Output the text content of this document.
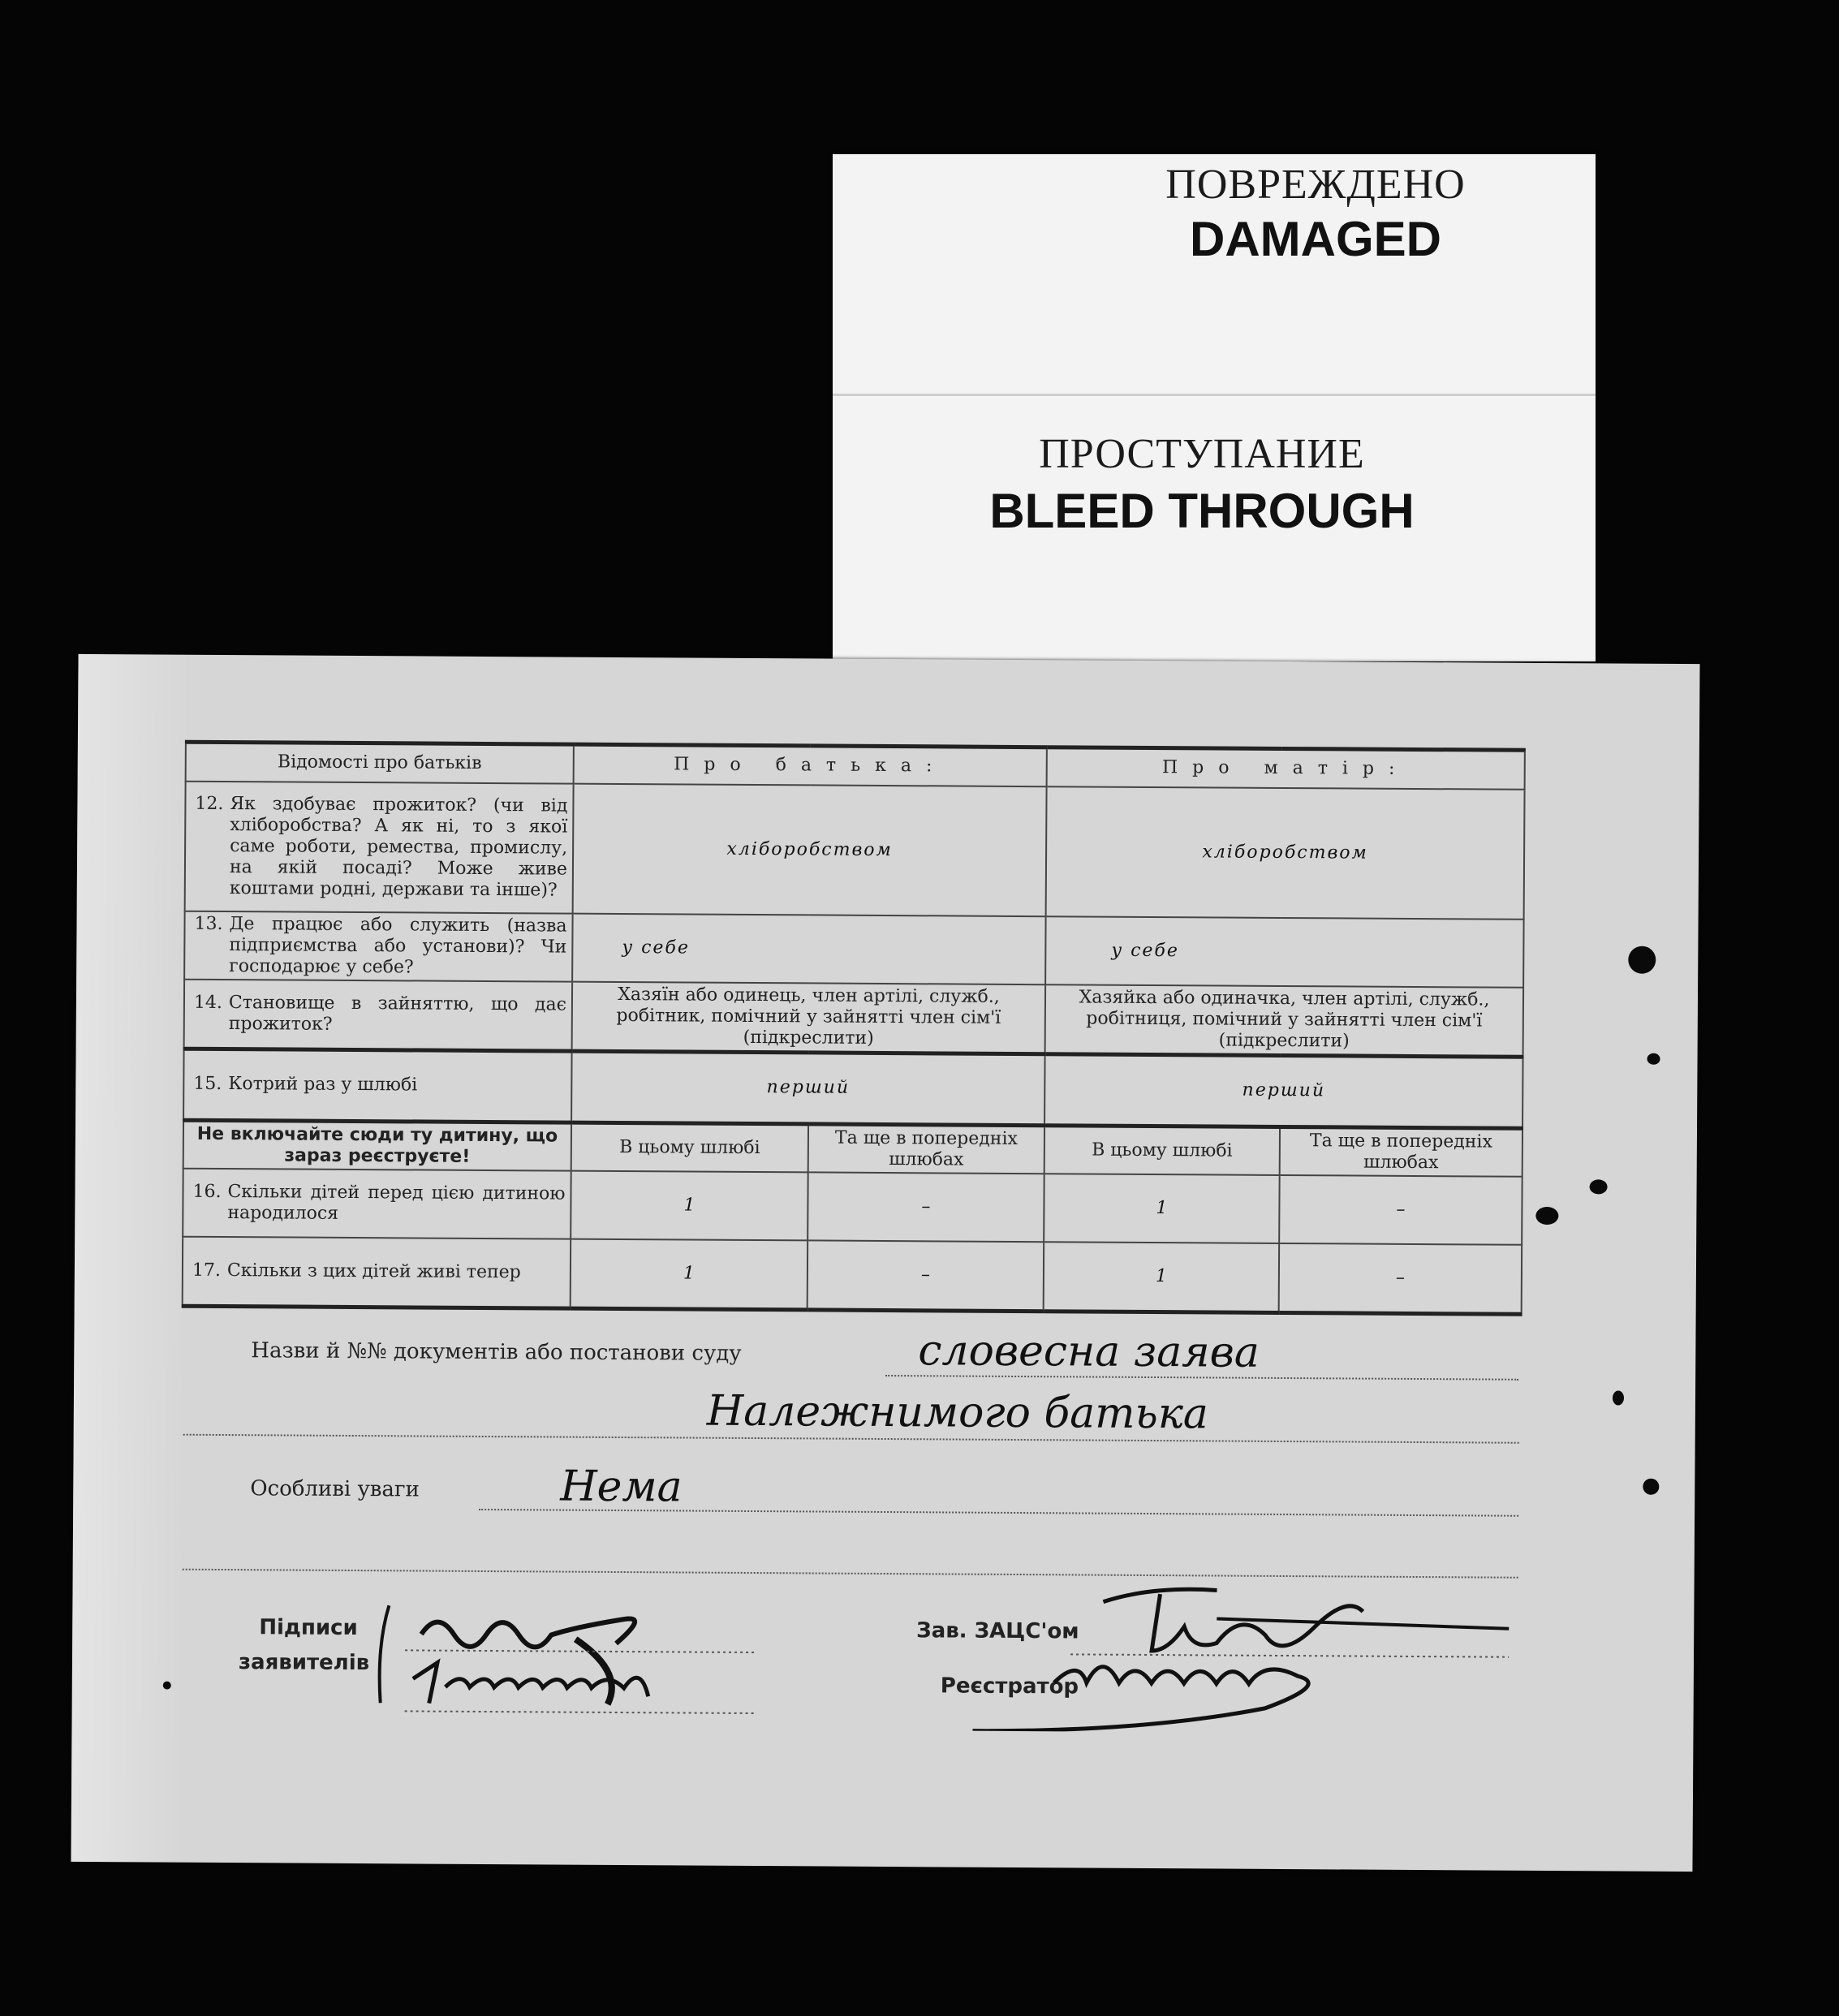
ПОВРЕЖДЕНО
DAMAGED
ПРОСТУПАНИЕ
BLEED THROUGH
Відомості про батьків	Про батька:		Про матір:	
12. Як здобуває прожиток? (чи від хліборобства? А як ні, то з якої саме роботи, ремества, промислу, на якій посаді? Може живе коштами родні, держави та інше)?	хліборобством		хліборобством	
13. Де працює або служить (назва підприємства або установи)? Чи господарює у себе?	у себе		у себе	
14. Становище в зайняттю, що дає прожиток?	Хазяїн або одинець, член артілі, служб., робітник, помічний у зайнятті член сім'ї (підкреслити)		Хазяйка або одиначка, член артілі, служб., робітниця, помічний у зайнятті член сім'ї (підкреслити)	
15. Котрий раз у шлюбі	перший		перший	
Не включайте сюди ту дитину, що зараз реєструєте!	В цьому шлюбі	Та ще в попередніх шлюбах	В цьому шлюбі	Та ще в попередніх шлюбах
16. Скільки дітей перед цією дитиною народилося	1	–	1	–
17. Скільки з цих дітей живі тепер	1	–	1	–
Назви й №№ документів або постанови суду	словесна заява
Належнимого батька
Особливі уваги	Нема
Підписи
заявителів
Зав. ЗАЦС'ом
Реєстратор
